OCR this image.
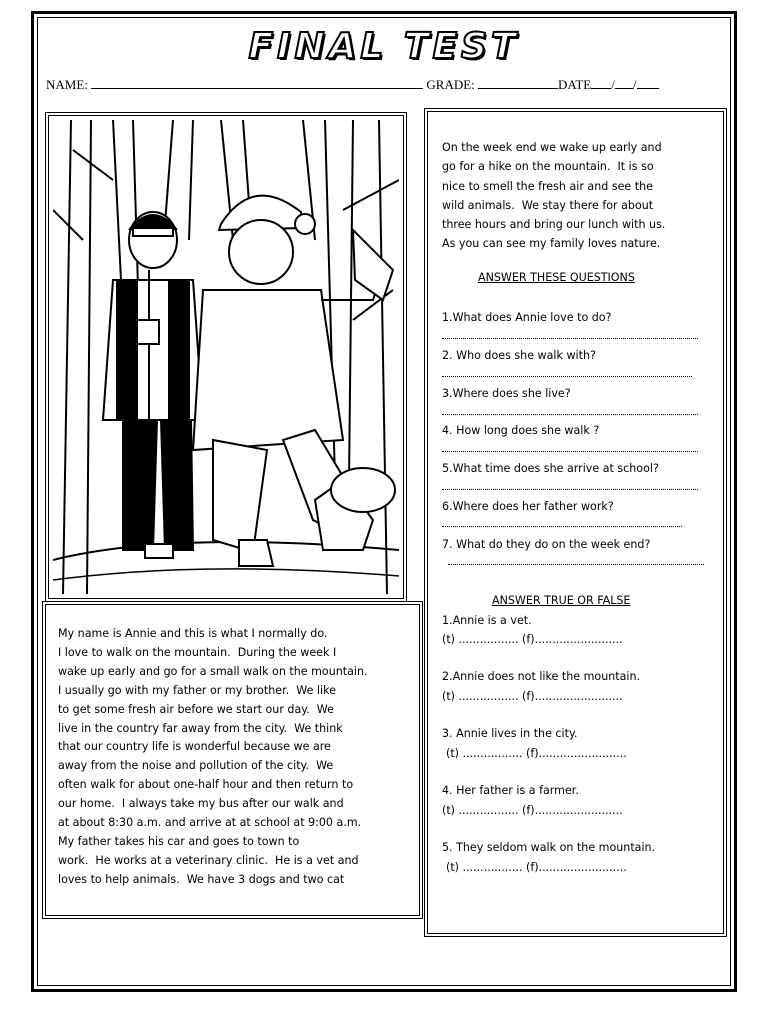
FINAL TEST
NAME:	GRADE:	DATE / /
My name is Annie and this is what I normally do.
I love to walk on the mountain.  During the week I
wake up early and go for a small walk on the mountain.
I usually go with my father or my brother.  We like
to get some fresh air before we start our day.  We
live in the country far away from the city.  We think
that our country life is wonderful because we are
away from the noise and pollution of the city.  We
often walk for about one-half hour and then return to
our home.  I always take my bus after our walk and
at about 8:30 a.m. and arrive at at school at 9:00 a.m.
My father takes his car and goes to town to
work.  He works at a veterinary clinic.  He is a vet and
loves to help animals.  We have 3 dogs and two cat
On the week end we wake up early and
go for a hike on the mountain.  It is so
nice to smell the fresh air and see the
wild animals.  We stay there for about
three hours and bring our lunch with us.
As you can see my family loves nature.
ANSWER THESE QUESTIONS
1.What does Annie love to do?
2. Who does she walk with?
3.Where does she live?
4. How long does she walk ?
5.What time does she arrive at school?
6.Where does her father work?
7. What do they do on the week end?
ANSWER TRUE OR FALSE
1.Annie is a vet.
(t) ................. (f).........................
2.Annie does not like the mountain.
(t) ................. (f).........................
3. Annie lives in the city.
(t) ................. (f).........................
4. Her father is a farmer.
(t) ................. (f).........................
5. They seldom walk on the mountain.
(t) ................. (f).........................
